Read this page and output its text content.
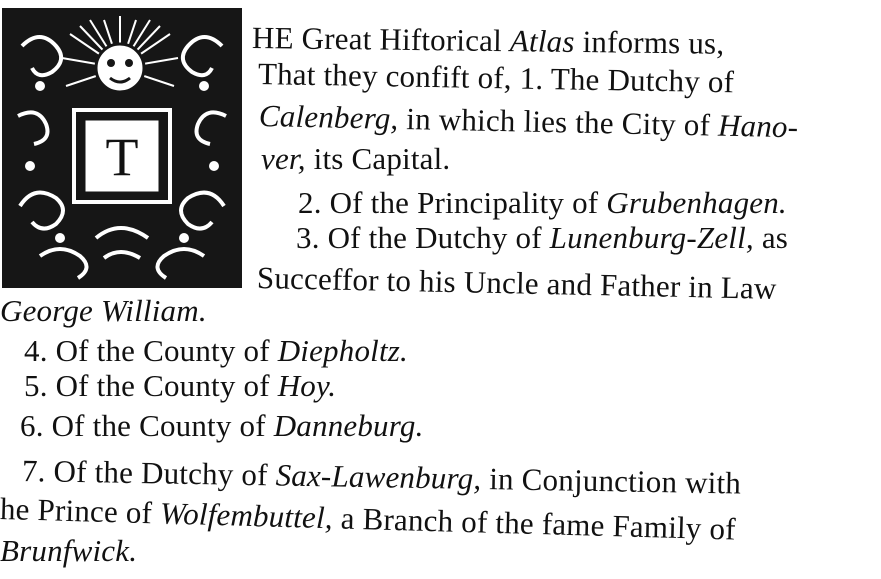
T
HE Great Hiftorical Atlas informs us,
That they confift of, 1. The Dutchy of
Calenberg, in which lies the City of Hano-
ver, its Capital.
2. Of the Principality of Grubenhagen.
3. Of the Dutchy of Lunenburg-Zell, as
Succeffor to his Uncle and Father in Law
George William.
4. Of the County of Diepholtz.
5. Of the County of Hoy.
6. Of the County of Danneburg.
7. Of the Dutchy of Sax-Lawenburg, in Conjunction with
he Prince of Wolfembuttel, a Branch of the fame Family of
Brunfwick.
